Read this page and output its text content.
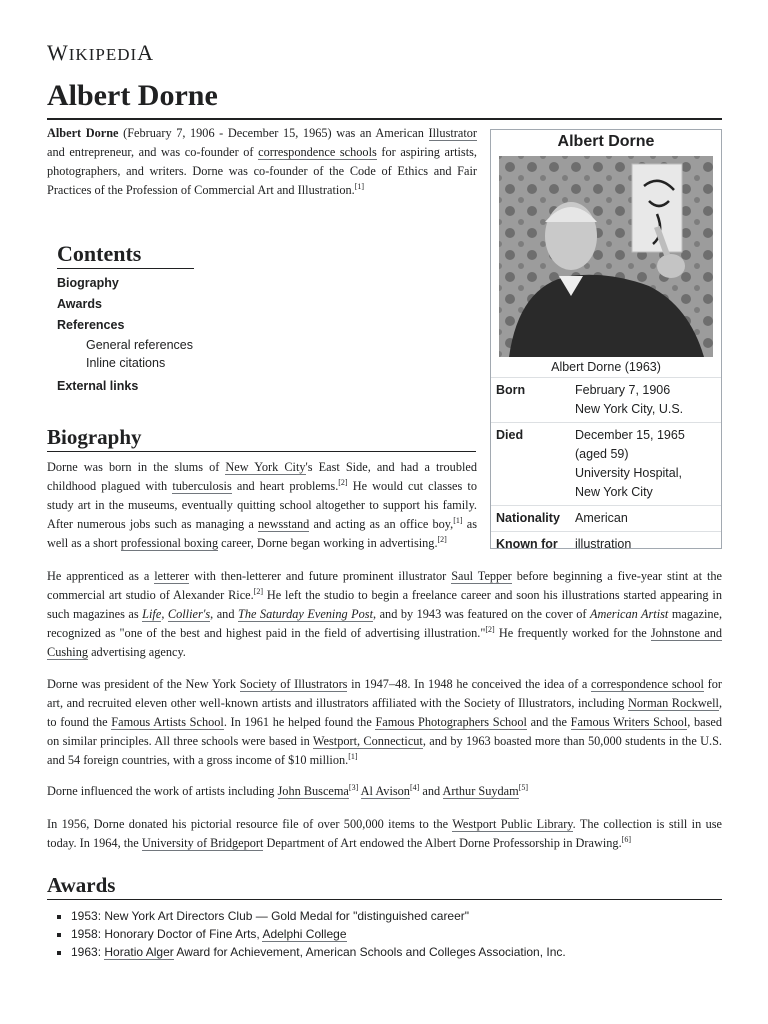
WIKIPEDIA
Albert Dorne
Albert Dorne (February 7, 1906 - December 15, 1965) was an American Illustrator and entrepreneur, and was co-founder of correspondence schools for aspiring artists, photographers, and writers. Dorne was co-founder of the Code of Ethics and Fair Practices of the Profession of Commercial Art and Illustration.[1]
Contents
Biography
Awards
References
General references
Inline citations
External links
Albert Dorne
Albert Dorne (1963)
Born	February 7, 1906
New York City, U.S.
Died	December 15, 1965
(aged 59)
University Hospital,
New York City
Nationality	American
Known for	illustration
Biography
Dorne was born in the slums of New York City's East Side, and had a troubled childhood plagued with tuberculosis and heart problems.[2] He would cut classes to study art in the museums, eventually quitting school altogether to support his family. After numerous jobs such as managing a newsstand and acting as an office boy,[1] as well as a short professional boxing career, Dorne began working in advertising.[2]
He apprenticed as a letterer with then-letterer and future prominent illustrator Saul Tepper before beginning a five-year stint at the commercial art studio of Alexander Rice.[2] He left the studio to begin a freelance career and soon his illustrations started appearing in such magazines as Life, Collier's, and The Saturday Evening Post, and by 1943 was featured on the cover of American Artist magazine, recognized as "one of the best and highest paid in the field of advertising illustration."[2] He frequently worked for the Johnstone and Cushing advertising agency.
Dorne was president of the New York Society of Illustrators in 1947–48. In 1948 he conceived the idea of a correspondence school for art, and recruited eleven other well-known artists and illustrators affiliated with the Society of Illustrators, including Norman Rockwell, to found the Famous Artists School. In 1961 he helped found the Famous Photographers School and the Famous Writers School, based on similar principles. All three schools were based in Westport, Connecticut, and by 1963 boasted more than 50,000 students in the U.S. and 54 foreign countries, with a gross income of $10 million.[1]
Dorne influenced the work of artists including John Buscema[3] Al Avison[4] and Arthur Suydam[5]
In 1956, Dorne donated his pictorial resource file of over 500,000 items to the Westport Public Library. The collection is still in use today. In 1964, the University of Bridgeport Department of Art endowed the Albert Dorne Professorship in Drawing.[6]
Awards
▪ 1953: New York Art Directors Club — Gold Medal for "distinguished career"
▪ 1958: Honorary Doctor of Fine Arts, Adelphi College
▪ 1963: Horatio Alger Award for Achievement, American Schools and Colleges Association, Inc.
